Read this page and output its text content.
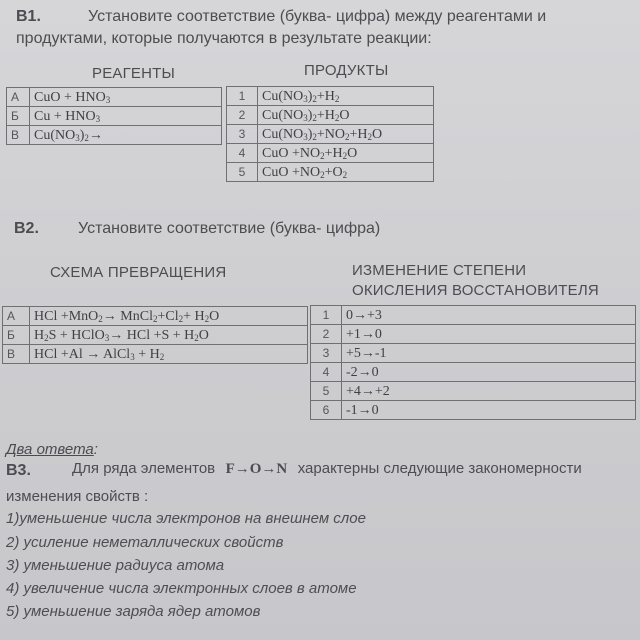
В1.	Установите соответствие (буква- цифра) между реагентами и
продуктами, которые получаются в результате реакции:
РЕАГЕНТЫ	ПРОДУКТЫ
А	CuO + $HNO_3$
Б	$Cu + HNO_3$
В	$Cu(NO_3)_2\to$
1	$Cu(NO_3)_2+H_2$
2	$Cu(NO_3)_2+H_2O$
3	$Cu(NO_3)_2+NO_2+H_2O$
4	CuO $+NO_2+H_2O$
5	CuO $+NO_2+O_2$
В2. Установите соответствие (буква- цифра)
СХЕМА ПРЕВРАЩЕНИЯ	ИЗМЕНЕНИЕ СТЕПЕНИ
ОКИСЛЕНИЯ ВОССТАНОВИТЕЛЯ
А	HCl $+MnO_2\to MnCl_2+Cl_2+ H_2O$
Б	$H_2S$ + HClO$_3$→ HCl $+S + H_2O$
В	HCl +Al → AlCl$_3$ + $H_2$
1	0→+3
2	+1→0
3	+5→-1
4	-2→0
5	+4→+2
6	-1→0
Два ответа:
В3.	Для ряда элементов F→O→N характерны следующие закономерности
изменения свойств :
1)уменьшение числа электронов на внешнем слое
2) усиление неметаллических свойств
3) уменьшение радиуса атома
4) увеличение числа электронных слоев в атоме
5) уменьшение заряда ядер атомов
